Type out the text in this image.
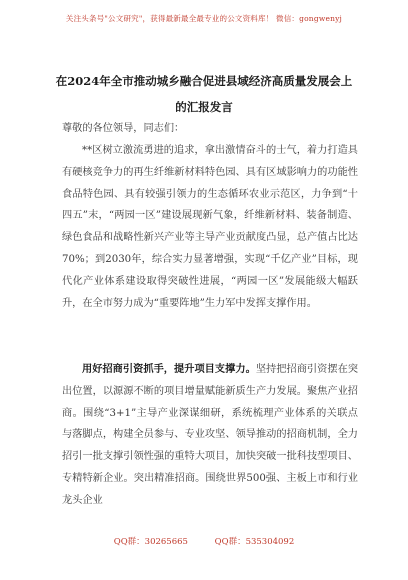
关注头条号"公文研究"，获得最新最全最专业的公文资料库！ 微信：gongwenyj
在2024年全市推动城乡融合促进县域经济高质量发展会上
的汇报发言
尊敬的各位领导，同志们：
**区树立激流勇进的追求，拿出激情奋斗的士气，着力打造具有硬核竞争力的再生纤维新材料特色园、具有区域影响力的功能性食品特色园、具有较强引领力的生态循环农业示范区，力争到“十四五”末，“两园一区”建设展现新气象，纤维新材料、装备制造、绿色食品和战略性新兴产业等主导产业贡献度凸显，总产值占比达70%；到2030年，综合实力显著增强，实现“千亿产业”目标，现代化产业体系建设取得突破性进展，“两园一区”发展能级大幅跃升，在全市努力成为“重要阵地”生力军中发挥支撑作用。
用好招商引资抓手，提升项目支撑力。坚持把招商引资摆在突出位置，以源源不断的项目增量赋能新质生产力发展。聚焦产业招商。围绕“3+1”主导产业深谋细研，系统梳理产业体系的关联点与落脚点，构建全员参与、专业攻坚、领导推动的招商机制，全力招引一批支撑引领性强的重特大项目，加快突破一批科技型项目、专精特新企业。突出精准招商。围绕世界500强、主板上市和行业龙头企业
QQ群：30265665	QQ群：535304092
